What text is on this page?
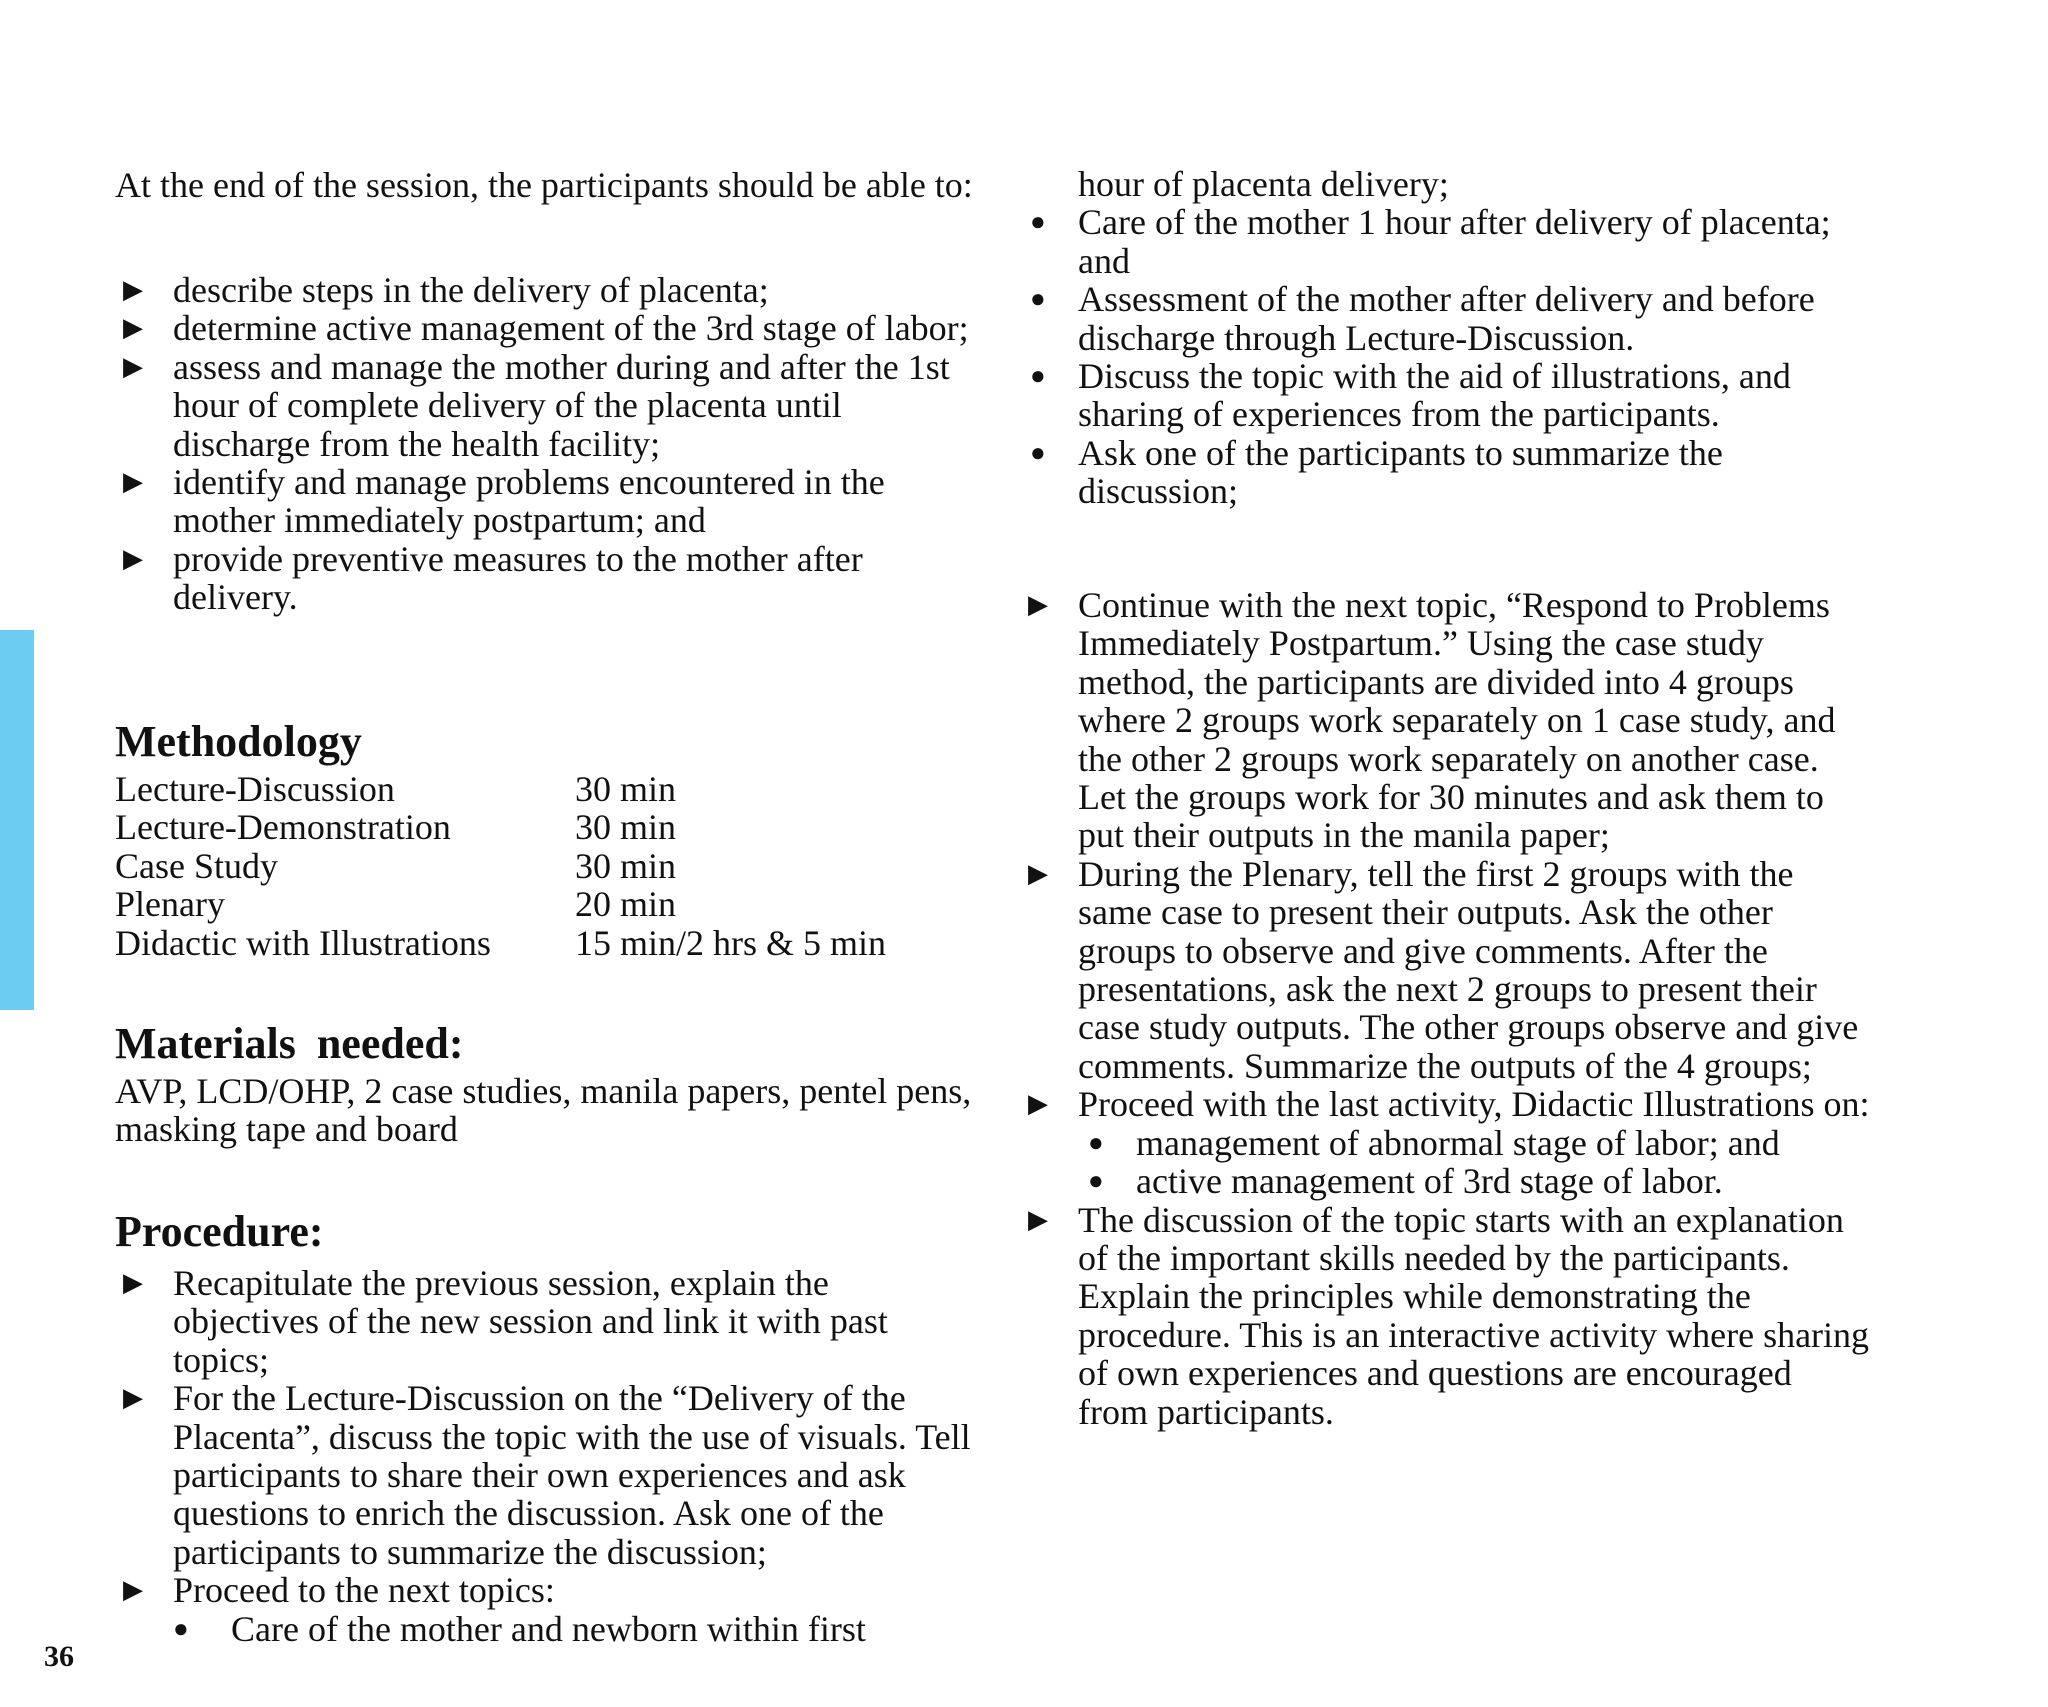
36

At the end of the session, the participants should be able to:

▶ describe steps in the delivery of placenta;
▶ determine active management of the 3rd stage of labor;
▶ assess and manage the mother during and after the 1st hour of complete delivery of the placenta until discharge from the health facility;
▶ identify and manage problems encountered in the mother immediately postpartum; and
▶ provide preventive measures to the mother after delivery.
Methodology
Lecture-Discussion	30 min
Lecture-Demonstration	30 min
Case Study	30 min
Plenary	20 min
Didactic with Illustrations	15 min/2 hrs & 5 min
Materials needed:

AVP, LCD/OHP, 2 case studies, manila papers, pentel pens, masking tape and board

Procedure:
▶ Recapitulate the previous session, explain the objectives of the new session and link it with past topics;
▶ For the Lecture-Discussion on the “Delivery of the Placenta”, discuss the topic with the use of visuals. Tell participants to share their own experiences and ask questions to enrich the discussion. Ask one of the participants to summarize the discussion;
▶ Proceed to the next topics:
● Care of the mother and newborn within first
hour of placenta delivery;
● Care of the mother 1 hour after delivery of placenta; and
● Assessment of the mother after delivery and before discharge through Lecture-Discussion.
● Discuss the topic with the aid of illustrations, and sharing of experiences from the participants.
● Ask one of the participants to summarize the discussion;
▶ Continue with the next topic, “Respond to Problems Immediately Postpartum.” Using the case study method, the participants are divided into 4 groups where 2 groups work separately on 1 case study, and the other 2 groups work separately on another case. Let the groups work for 30 minutes and ask them to put their outputs in the manila paper;
▶ During the Plenary, tell the first 2 groups with the same case to present their outputs. Ask the other groups to observe and give comments. After the presentations, ask the next 2 groups to present their case study outputs. The other groups observe and give comments. Summarize the outputs of the 4 groups;
▶ Proceed with the last activity, Didactic Illustrations on:
● management of abnormal stage of labor; and
● active management of 3rd stage of labor.
▶ The discussion of the topic starts with an explanation of the important skills needed by the participants. Explain the principles while demonstrating the procedure. This is an interactive activity where sharing of own experiences and questions are encouraged from participants.
